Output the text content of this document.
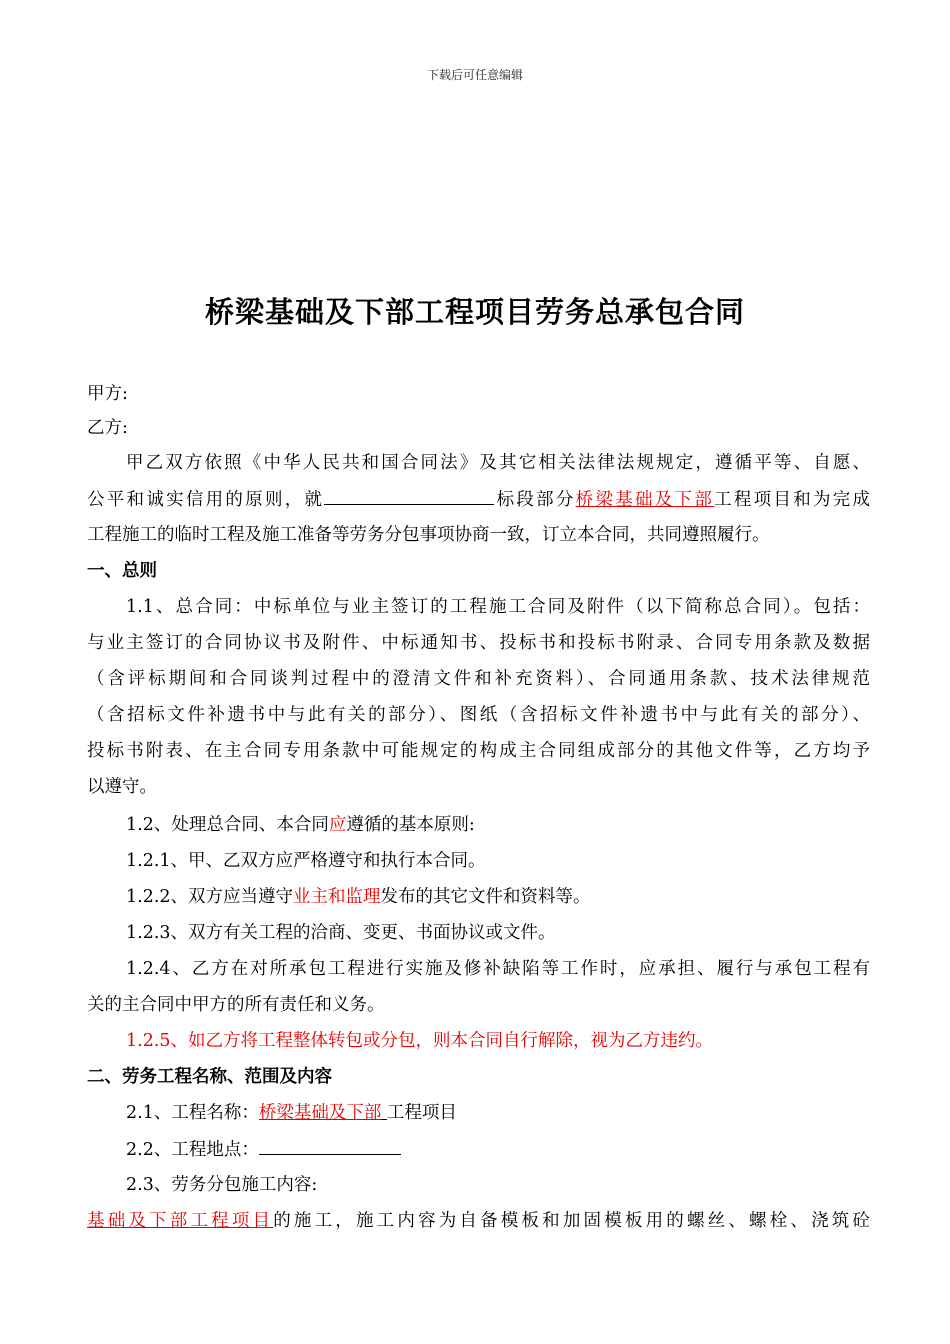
下载后可任意编辑
桥梁基础及下部工程项目劳务总承包合同
甲方:
乙方:
甲乙双方依照《中华人民共和国合同法》及其它相关法律法规规定，遵循平等、自愿、
公平和诚实信用的原则，就	标段部分桥梁基础及下部工程项目和为完成
工程施工的临时工程及施工准备等劳务分包事项协商一致，订立本合同，共同遵照履行。
一、总则
1.1、总合同：中标单位与业主签订的工程施工合同及附件（以下简称总合同）。包括：
与业主签订的合同协议书及附件、中标通知书、投标书和投标书附录、合同专用条款及数据
（含评标期间和合同谈判过程中的澄清文件和补充资料）、合同通用条款、技术法律规范
（含招标文件补遗书中与此有关的部分）、图纸（含招标文件补遗书中与此有关的部分）、
投标书附表、在主合同专用条款中可能规定的构成主合同组成部分的其他文件等，乙方均予
以遵守。
1.2、处理总合同、本合同应遵循的基本原则:
1.2.1、甲、乙双方应严格遵守和执行本合同。
1.2.2、双方应当遵守业主和监理发布的其它文件和资料等。
1.2.3、双方有关工程的洽商、变更、书面协议或文件。
1.2.4、乙方在对所承包工程进行实施及修补缺陷等工作时，应承担、履行与承包工程有
关的主合同中甲方的所有责任和义务。
1.2.5、如乙方将工程整体转包或分包，则本合同自行解除，视为乙方违约。
二、劳务工程名称、范围及内容
2.1、工程名称：桥梁基础及下部 工程项目
2.2、工程地点：
2.3、劳务分包施工内容:
基础及下部工程项目的施工，施工内容为自备模板和加固模板用的螺丝、螺栓、浇筑砼
